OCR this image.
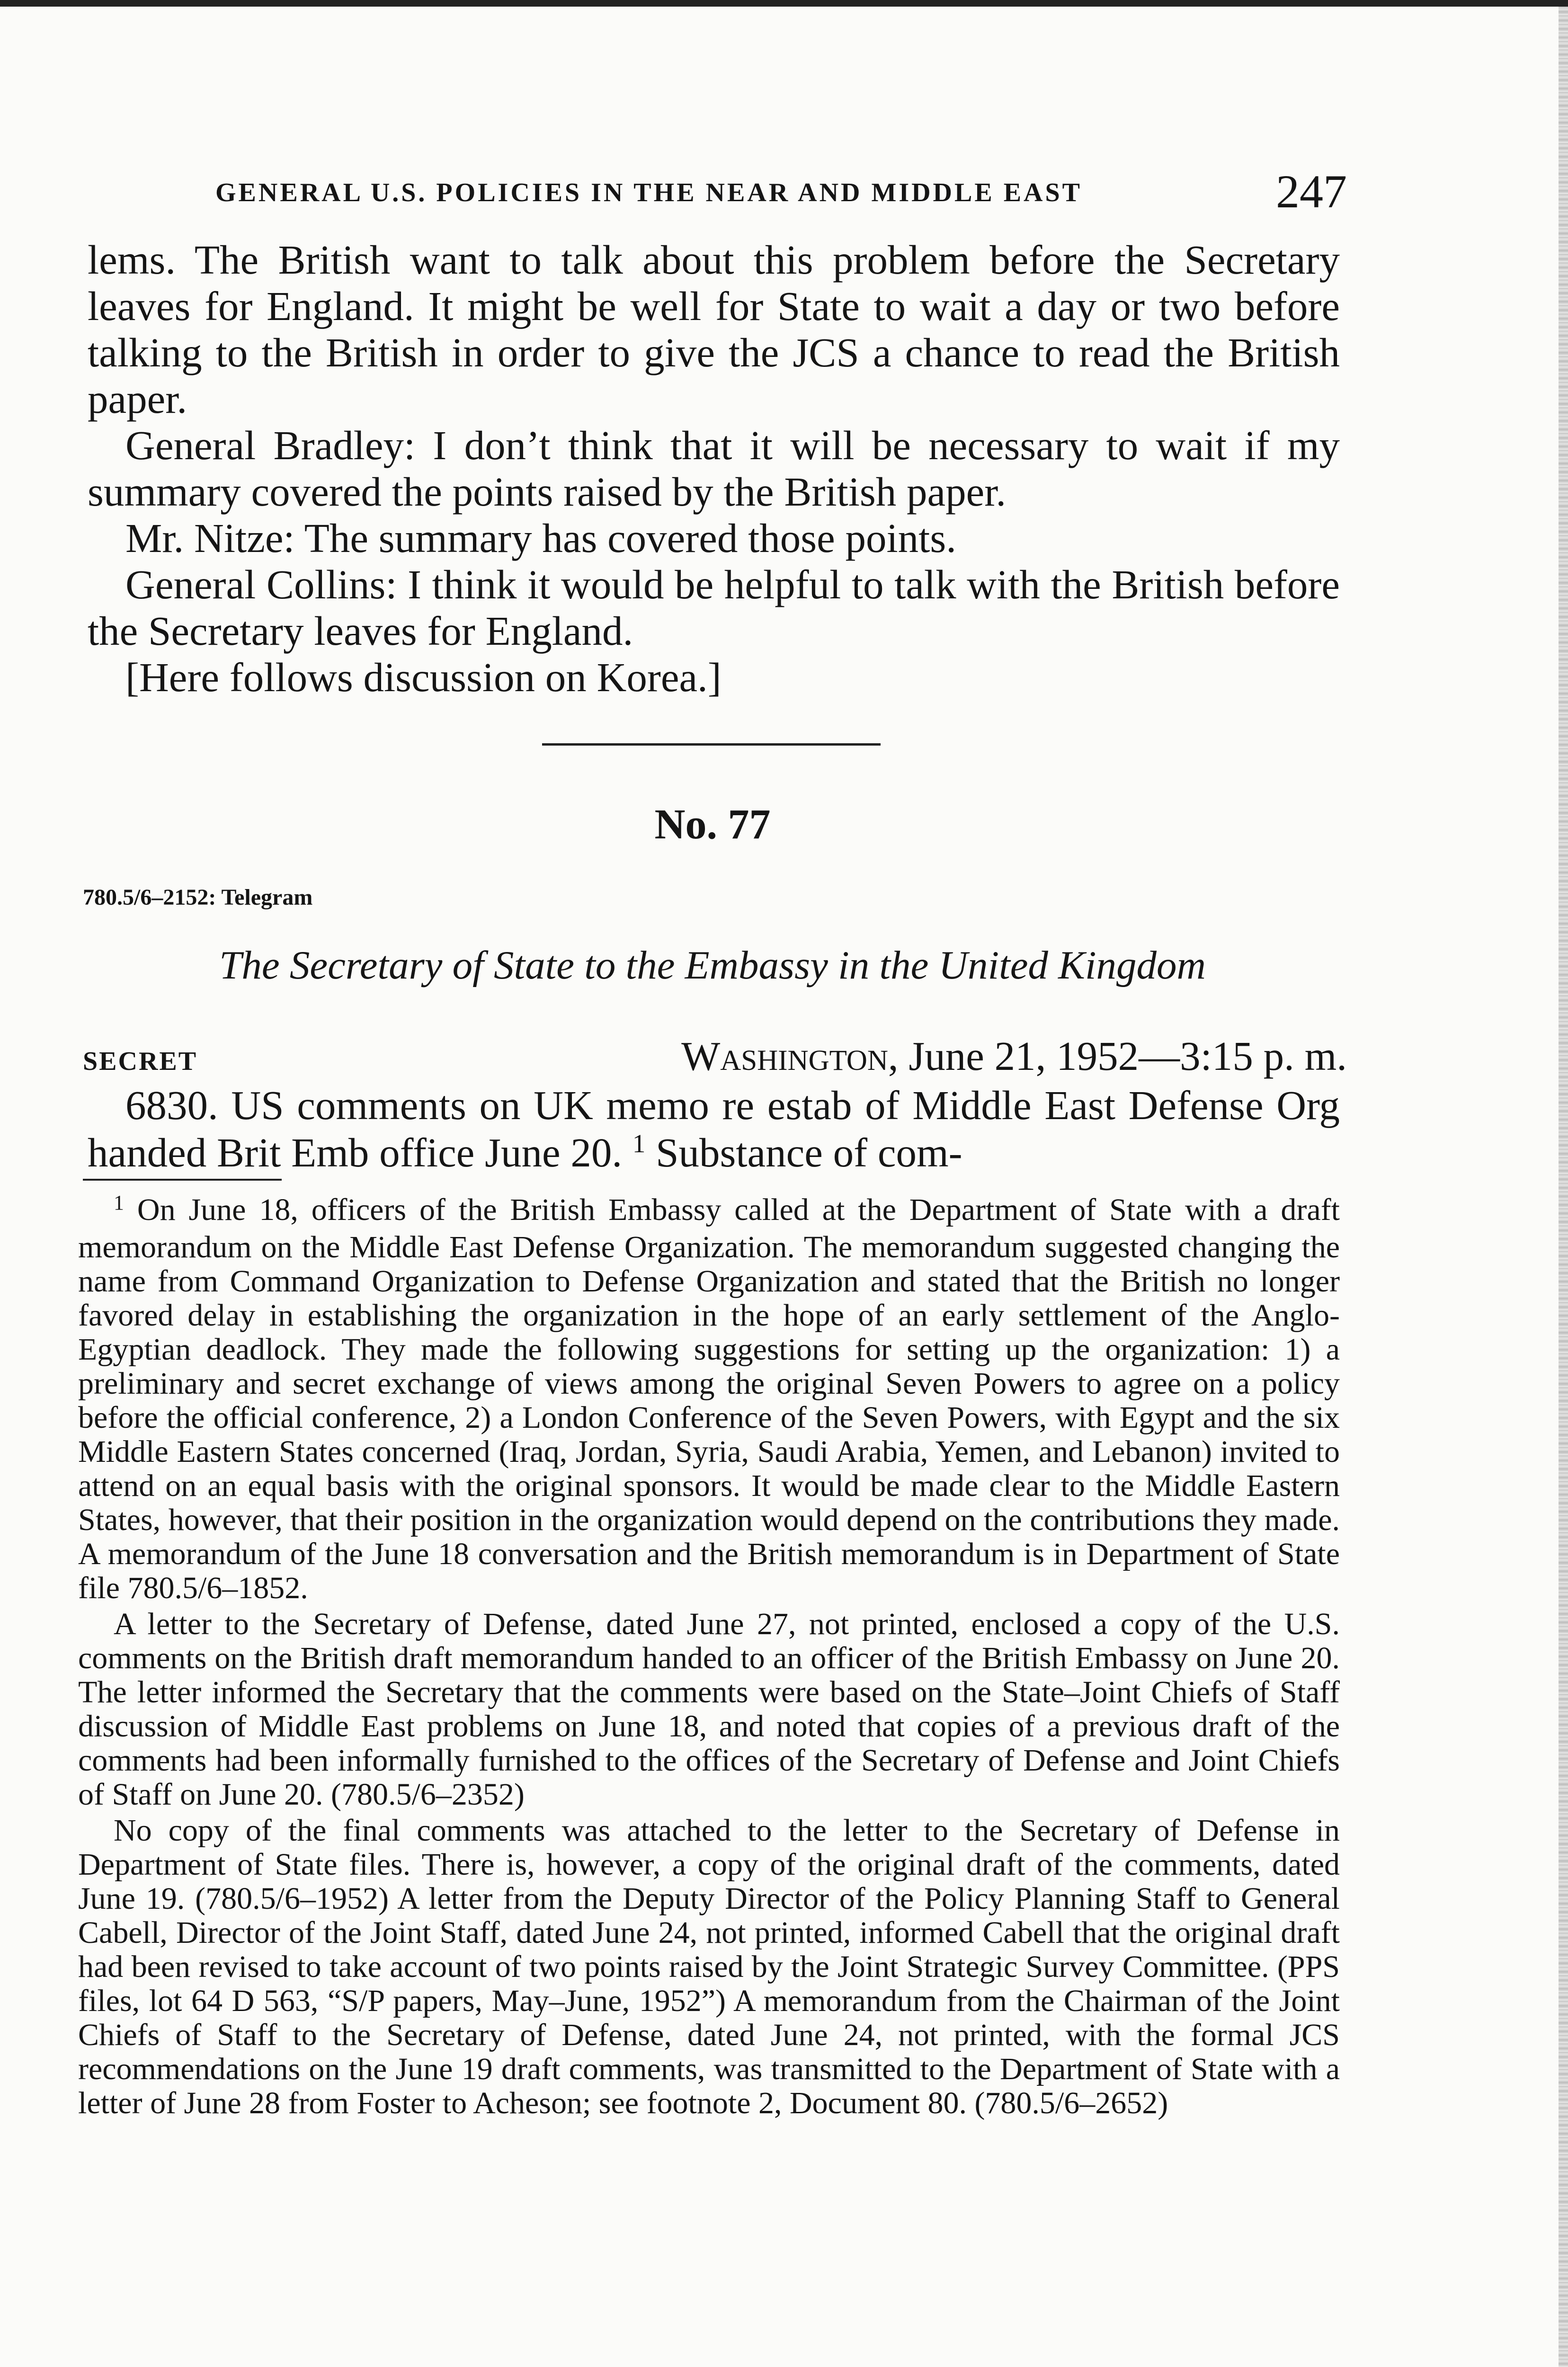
GENERAL U.S. POLICIES IN THE NEAR AND MIDDLE EAST	247

lems. The British want to talk about this problem before the Secretary leaves for England. It might be well for State to wait a day or two before talking to the British in order to give the JCS a chance to read the British paper.

General Bradley: I don’t think that it will be necessary to wait if my summary covered the points raised by the British paper.

Mr. Nitze: The summary has covered those points.

General Collins: I think it would be helpful to talk with the British before the Secretary leaves for England.

[Here follows discussion on Korea.]

No. 77
780.5/6–2152: Telegram
The Secretary of State to the Embassy in the United Kingdom
SECRET	Washington, June 21, 1952—3:15 p. m.

6830. US comments on UK memo re estab of Middle East Defense Org handed Brit Emb office June 20. $^1$ Substance of com-

$^1$ On June 18, officers of the British Embassy called at the Department of State with a draft memorandum on the Middle East Defense Organization. The memorandum suggested changing the name from Command Organization to Defense Organization and stated that the British no longer favored delay in establishing the organization in the hope of an early settlement of the Anglo-Egyptian deadlock. They made the following suggestions for setting up the organization: 1) a preliminary and secret exchange of views among the original Seven Powers to agree on a policy before the official conference, 2) a London Conference of the Seven Powers, with Egypt and the six Middle Eastern States concerned (Iraq, Jordan, Syria, Saudi Arabia, Yemen, and Lebanon) invited to attend on an equal basis with the original sponsors. It would be made clear to the Middle Eastern States, however, that their position in the organization would depend on the contributions they made. A memorandum of the June 18 conversation and the British memorandum is in Department of State file 780.5/6–1852.

A letter to the Secretary of Defense, dated June 27, not printed, enclosed a copy of the U.S. comments on the British draft memorandum handed to an officer of the British Embassy on June 20. The letter informed the Secretary that the comments were based on the State–Joint Chiefs of Staff discussion of Middle East problems on June 18, and noted that copies of a previous draft of the comments had been informally furnished to the offices of the Secretary of Defense and Joint Chiefs of Staff on June 20. (780.5/6–2352)

No copy of the final comments was attached to the letter to the Secretary of Defense in Department of State files. There is, however, a copy of the original draft of the comments, dated June 19. (780.5/6–1952) A letter from the Deputy Director of the Policy Planning Staff to General Cabell, Director of the Joint Staff, dated June 24, not printed, informed Cabell that the original draft had been revised to take account of two points raised by the Joint Strategic Survey Committee. (PPS files, lot 64 D 563, “S/P papers, May–June, 1952”) A memorandum from the Chairman of the Joint Chiefs of Staff to the Secretary of Defense, dated June 24, not printed, with the formal JCS recommendations on the June 19 draft comments, was transmitted to the Department of State with a letter of June 28 from Foster to Acheson; see footnote 2, Document 80. (780.5/6–2652)
